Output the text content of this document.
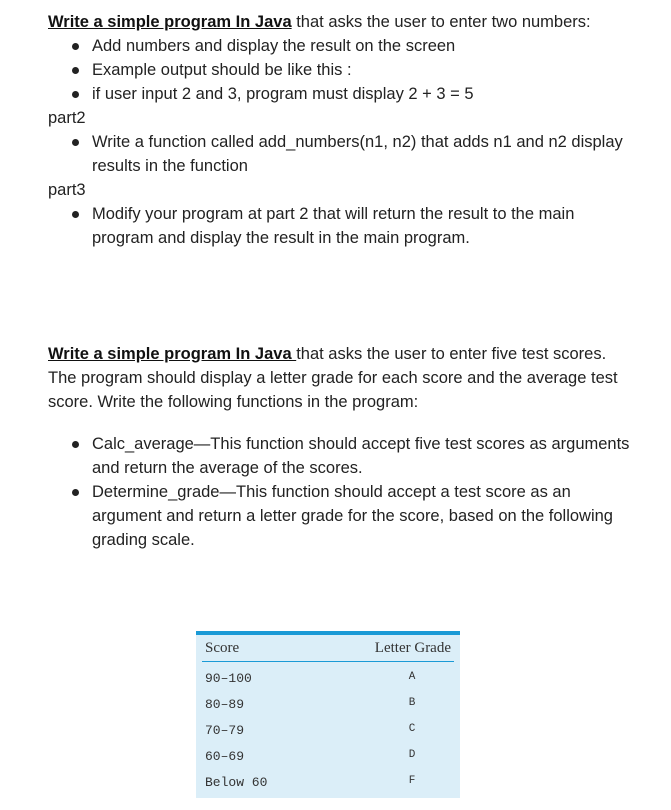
Write a simple program In Java that asks the user to enter two numbers:

Add numbers and display the result on the screen
Example output should be like this :
if user input 2 and 3, program must display 2 + 3 = 5

part2

Write a function called add_numbers(n1, n2) that adds n1 and n2 display results in the function

part3

Modify your program at part 2 that will return the result to the main program and display the result in the main program.

Write a simple program In Java that asks the user to enter five test scores. The program should display a letter grade for each score and the average test score. Write the following functions in the program:

Calc_average—This function should accept five test scores as arguments and return the average of the scores.
Determine_grade—This function should accept a test score as an argument and return a letter grade for the score, based on the following grading scale.
Score	Letter Grade
90–100	A
80–89	B
70–79	C
60–69	D
Below 60	F
